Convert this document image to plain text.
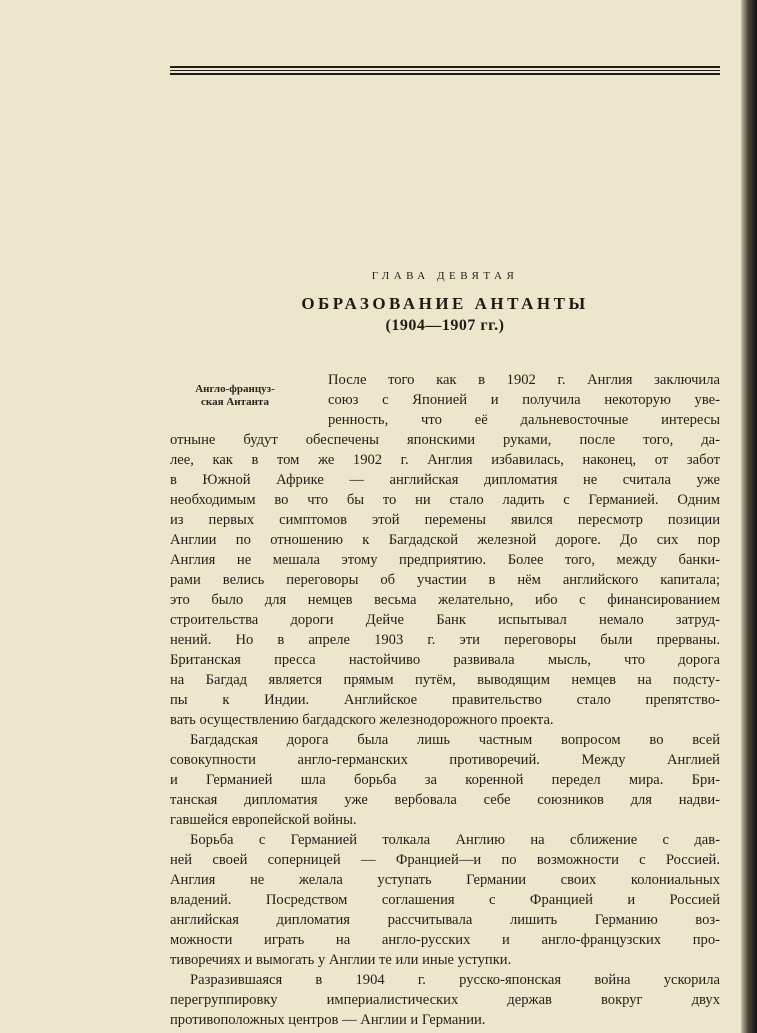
ГЛАВА ДЕВЯТАЯ
ОБРАЗОВАНИЕ АНТАНТЫ
(1904—1907 гг.)
Англо-француз-
ская Антанта
После того как в 1902 г. Англия заключила
союз с Японией и получила некоторую уве-
ренность, что её дальневосточные интересы
отныне будут обеспечены японскими руками, после того, да-
лее, как в том же 1902 г. Англия избавилась, наконец, от забот
в Южной Африке — английская дипломатия не считала уже
необходимым во что бы то ни стало ладить с Германией. Одним
из первых симптомов этой перемены явился пересмотр позиции
Англии по отношению к Багдадской железной дороге. До сих пор
Англия не мешала этому предприятию. Более того, между банки-
рами велись переговоры об участии в нём английского капитала;
это было для немцев весьма желательно, ибо с финансированием
строительства дороги Дейче Банк испытывал немало затруд-
нений. Но в апреле 1903 г. эти переговоры были прерваны.
Британская пресса настойчиво развивала мысль, что дорога
на Багдад является прямым путём, выводящим немцев на подсту-
пы к Индии. Английское правительство стало препятство-
вать осуществлению багдадского железнодорожного проекта.
Багдадская дорога была лишь частным вопросом во всей
совокупности англо-германских противоречий. Между Англией
и Германией шла борьба за коренной передел мира. Бри-
танская дипломатия уже вербовала себе союзников для надви-
гавшейся европейской войны.
Борьба с Германией толкала Англию на сближение с дав-
ней своей соперницей — Францией—и по возможности с Россией.
Англия не желала уступать Германии своих колониальных
владений. Посредством соглашения с Францией и Россией
английская дипломатия рассчитывала лишить Германию воз-
можности играть на англо-русских и англо-французских про-
тиворечиях и вымогать у Англии те или иные уступки.
Разразившаяся в 1904 г. русско-японская война ускорила
перегруппировку империалистических держав вокруг двух
противоположных центров — Англии и Германии.
